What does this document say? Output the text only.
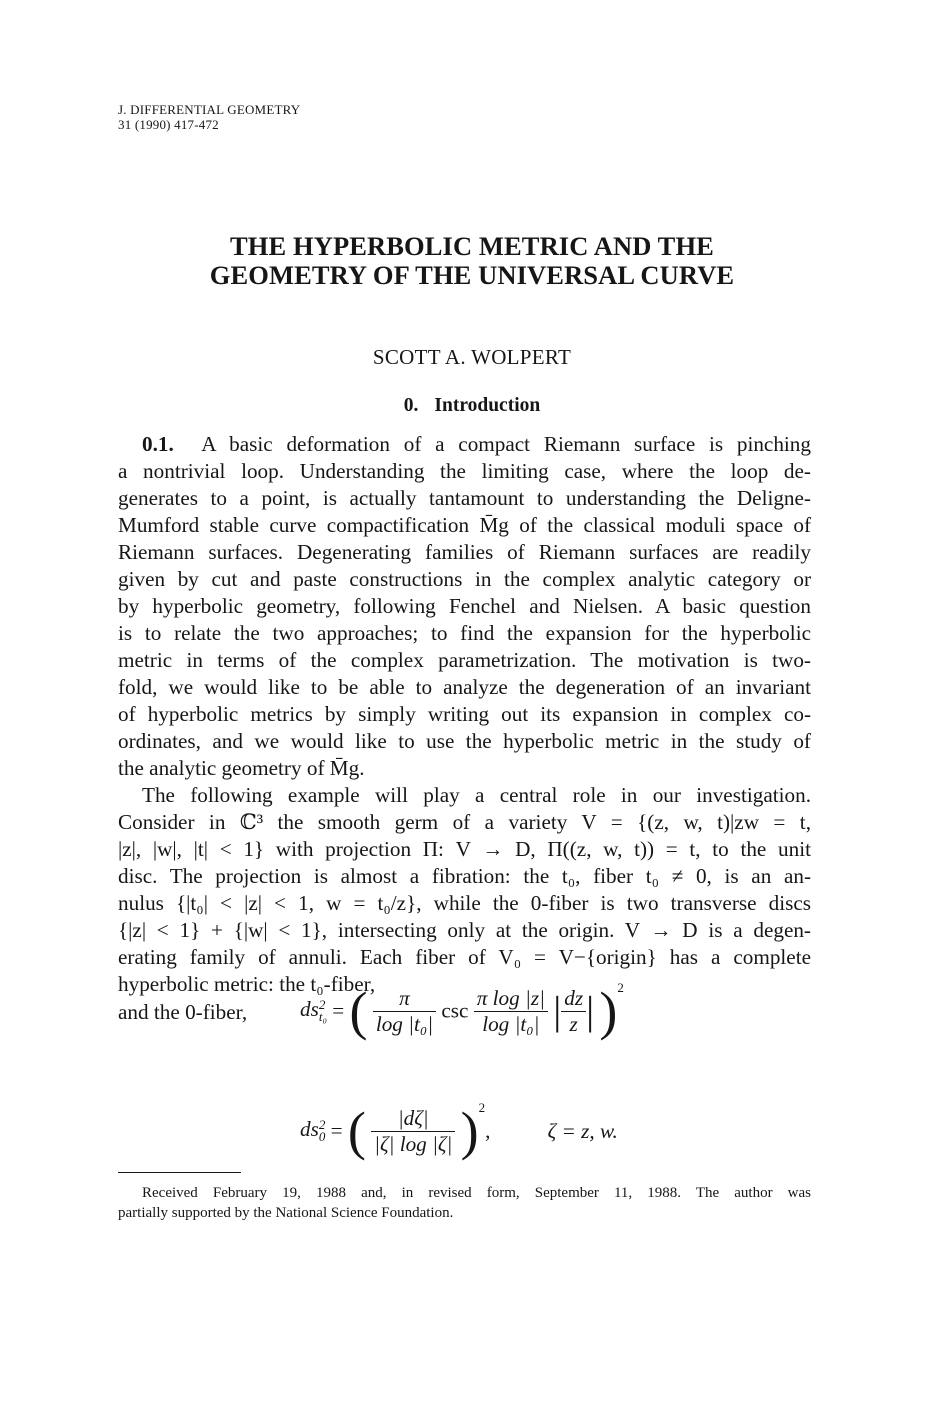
J. DIFFERENTIAL GEOMETRY
31 (1990) 417-472
THE HYPERBOLIC METRIC AND THE
GEOMETRY OF THE UNIVERSAL CURVE
SCOTT A. WOLPERT
0. Introduction
0.1. A basic deformation of a compact Riemann surface is pinching
a nontrivial loop. Understanding the limiting case, where the loop de-
generates to a point, is actually tantamount to understanding the Deligne-
Mumford stable curve compactification M̄g of the classical moduli space of
Riemann surfaces. Degenerating families of Riemann surfaces are readily
given by cut and paste constructions in the complex analytic category or
by hyperbolic geometry, following Fenchel and Nielsen. A basic question
is to relate the two approaches; to find the expansion for the hyperbolic
metric in terms of the complex parametrization. The motivation is two-
fold, we would like to be able to analyze the degeneration of an invariant
of hyperbolic metrics by simply writing out its expansion in complex co-
ordinates, and we would like to use the hyperbolic metric in the study of
the analytic geometry of M̄g.
The following example will play a central role in our investigation.
Consider in ℂ³ the smooth germ of a variety V = {(z, w, t)|zw = t,
|z|, |w|, |t| < 1} with projection Π: V → D, Π((z, w, t)) = t, to the unit
disc. The projection is almost a fibration: the t₀, fiber t₀ ≠ 0, is an an-
nulus {|t₀| < |z| < 1, w = t₀/z}, while the 0-fiber is two transverse discs
{|z| < 1} + {|w| < 1}, intersecting only at the origin. V → D is a degen-
erating family of annuli. Each fiber of V₀ = V−{origin} has a complete
hyperbolic metric: the t₀-fiber,
ds 2
t₀ = ( $\frac{\pi}{\text{log |t₀|}}$ $\csc \frac{\text{π log |z|}}{\text{log |t₀|}}$ | $\frac{dz}{z}$ | )$^2$
and the 0-fiber,
ds 2
0 = ( $\frac{|d\zeta|}{|\zeta| \log |\zeta|} )^2$,	ζ = z, w.
Received February 19, 1988 and, in revised form, September 11, 1988. The author was
partially supported by the National Science Foundation.
